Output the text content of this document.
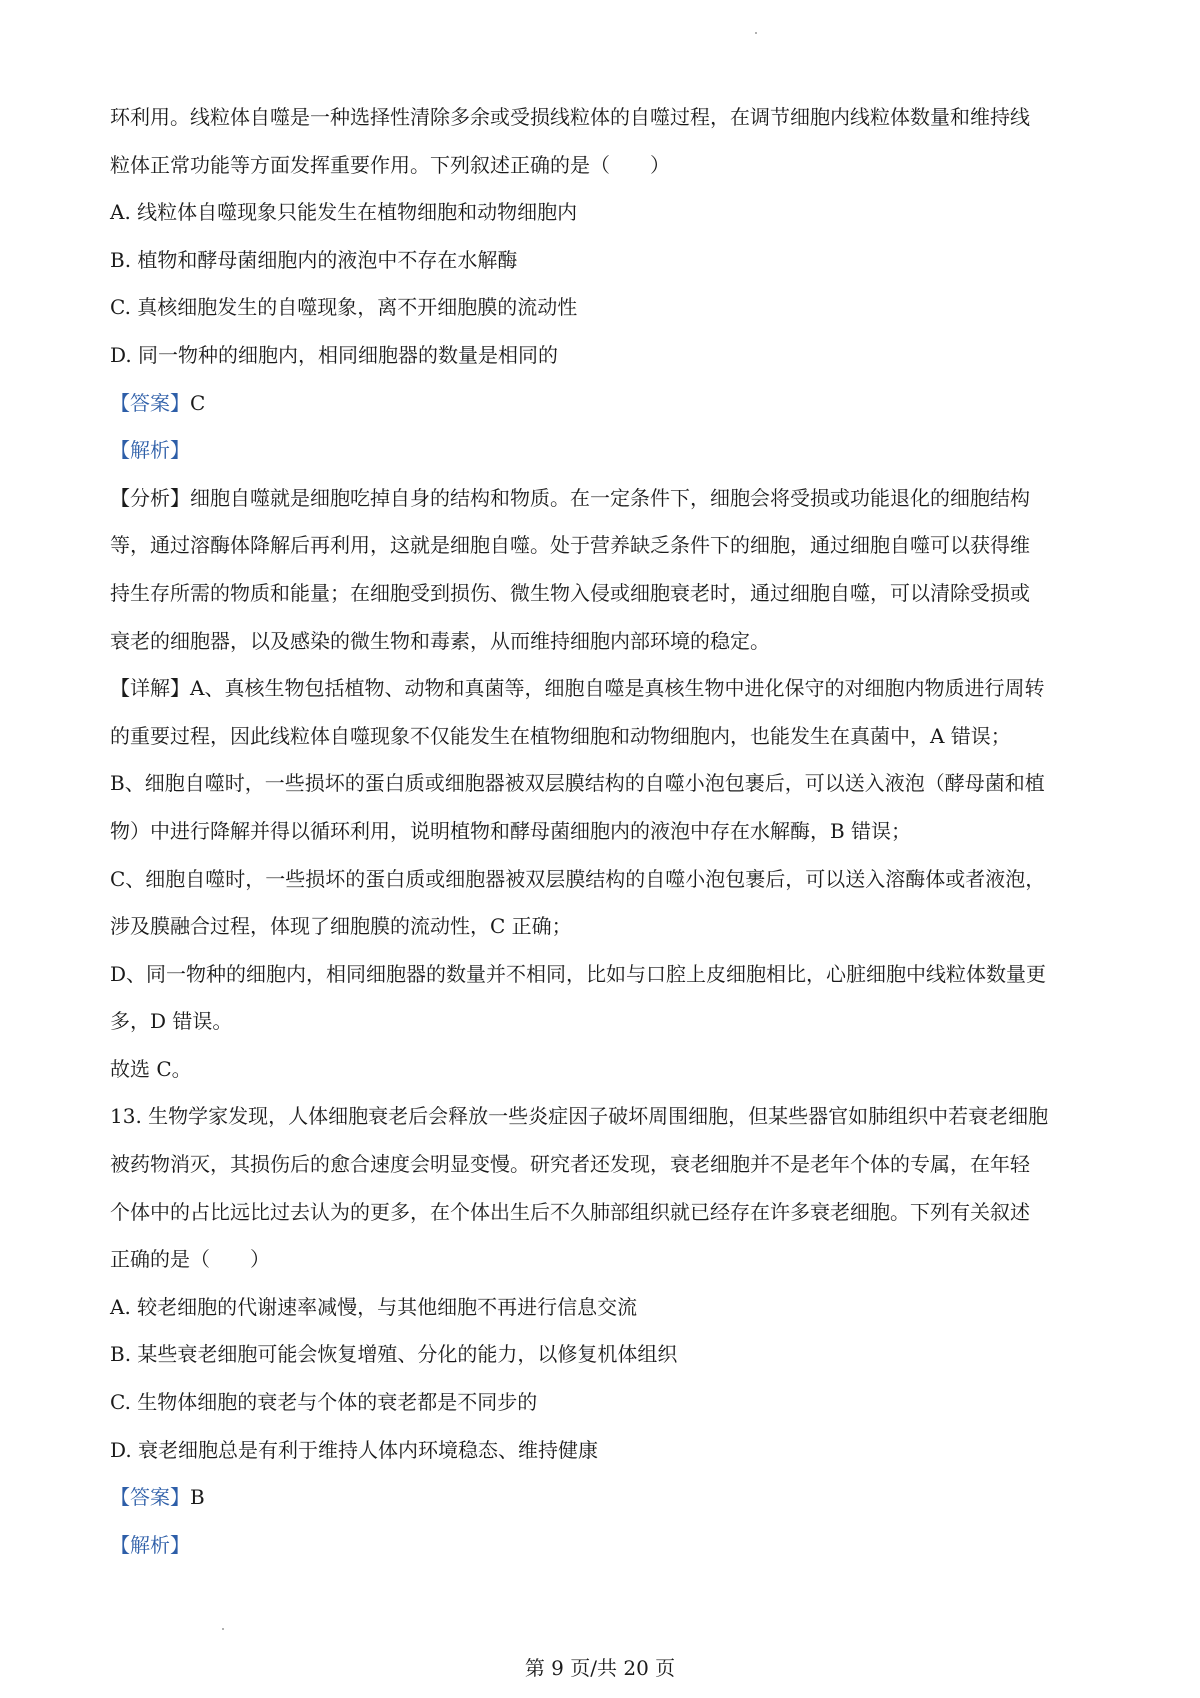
环利用。线粒体自噬是一种选择性清除多余或受损线粒体的自噬过程，在调节细胞内线粒体数量和维持线
粒体正常功能等方面发挥重要作用。下列叙述正确的是（　　）
A. 线粒体自噬现象只能发生在植物细胞和动物细胞内
B. 植物和酵母菌细胞内的液泡中不存在水解酶
C. 真核细胞发生的自噬现象，离不开细胞膜的流动性
D. 同一物种的细胞内，相同细胞器的数量是相同的
【答案】C
【解析】
【分析】细胞自噬就是细胞吃掉自身的结构和物质。在一定条件下，细胞会将受损或功能退化的细胞结构
等，通过溶酶体降解后再利用，这就是细胞自噬。处于营养缺乏条件下的细胞，通过细胞自噬可以获得维
持生存所需的物质和能量；在细胞受到损伤、微生物入侵或细胞衰老时，通过细胞自噬，可以清除受损或
衰老的细胞器，以及感染的微生物和毒素，从而维持细胞内部环境的稳定。
【详解】A、真核生物包括植物、动物和真菌等，细胞自噬是真核生物中进化保守的对细胞内物质进行周转
的重要过程，因此线粒体自噬现象不仅能发生在植物细胞和动物细胞内，也能发生在真菌中，A 错误；
B、细胞自噬时，一些损坏的蛋白质或细胞器被双层膜结构的自噬小泡包裹后，可以送入液泡（酵母菌和植
物）中进行降解并得以循环利用，说明植物和酵母菌细胞内的液泡中存在水解酶，B 错误；
C、细胞自噬时，一些损坏的蛋白质或细胞器被双层膜结构的自噬小泡包裹后，可以送入溶酶体或者液泡，
涉及膜融合过程，体现了细胞膜的流动性，C 正确；
D、同一物种的细胞内，相同细胞器的数量并不相同，比如与口腔上皮细胞相比，心脏细胞中线粒体数量更
多，D 错误。
故选 C。
13. 生物学家发现，人体细胞衰老后会释放一些炎症因子破坏周围细胞，但某些器官如肺组织中若衰老细胞
被药物消灭，其损伤后的愈合速度会明显变慢。研究者还发现，衰老细胞并不是老年个体的专属，在年轻
个体中的占比远比过去认为的更多，在个体出生后不久肺部组织就已经存在许多衰老细胞。下列有关叙述
正确的是（　　）
A. 较老细胞的代谢速率减慢，与其他细胞不再进行信息交流
B. 某些衰老细胞可能会恢复增殖、分化的能力，以修复机体组织
C. 生物体细胞的衰老与个体的衰老都是不同步的
D. 衰老细胞总是有利于维持人体内环境稳态、维持健康
【答案】B
【解析】
第 9 页/共 20 页
